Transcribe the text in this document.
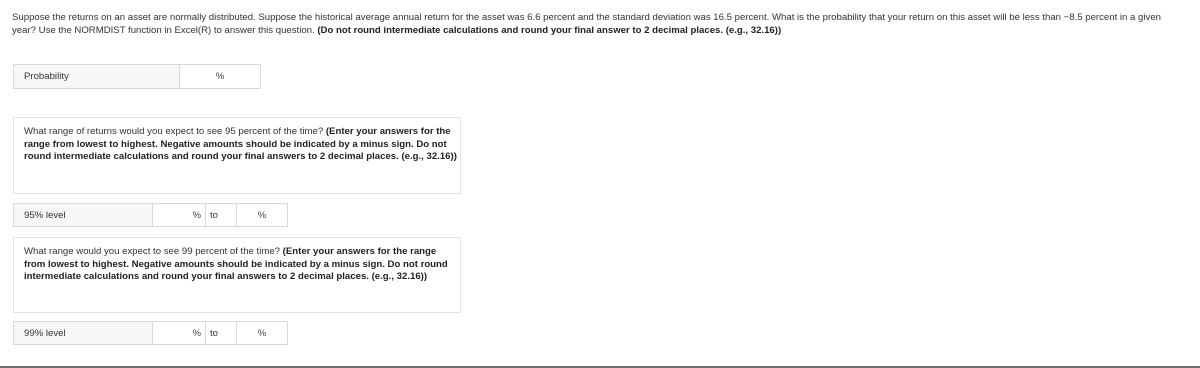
Suppose the returns on an asset are normally distributed. Suppose the historical average annual return for the asset was 6.6 percent and the standard deviation was 16.5 percent. What is the probability that your return on this asset will be less than −8.5 percent in a given year? Use the NORMDIST function in Excel(R) to answer this question. (Do not round intermediate calculations and round your final answer to 2 decimal places. (e.g., 32.16))
Probability	%
What range of returns would you expect to see 95 percent of the time? (Enter your answers for the range from lowest to highest. Negative amounts should be indicated by a minus sign. Do not round intermediate calculations and round your final answers to 2 decimal places. (e.g., 32.16))
95% level	%	to	%
What range would you expect to see 99 percent of the time? (Enter your answers for the range from lowest to highest. Negative amounts should be indicated by a minus sign. Do not round intermediate calculations and round your final answers to 2 decimal places. (e.g., 32.16))
99% level	%	to	%
